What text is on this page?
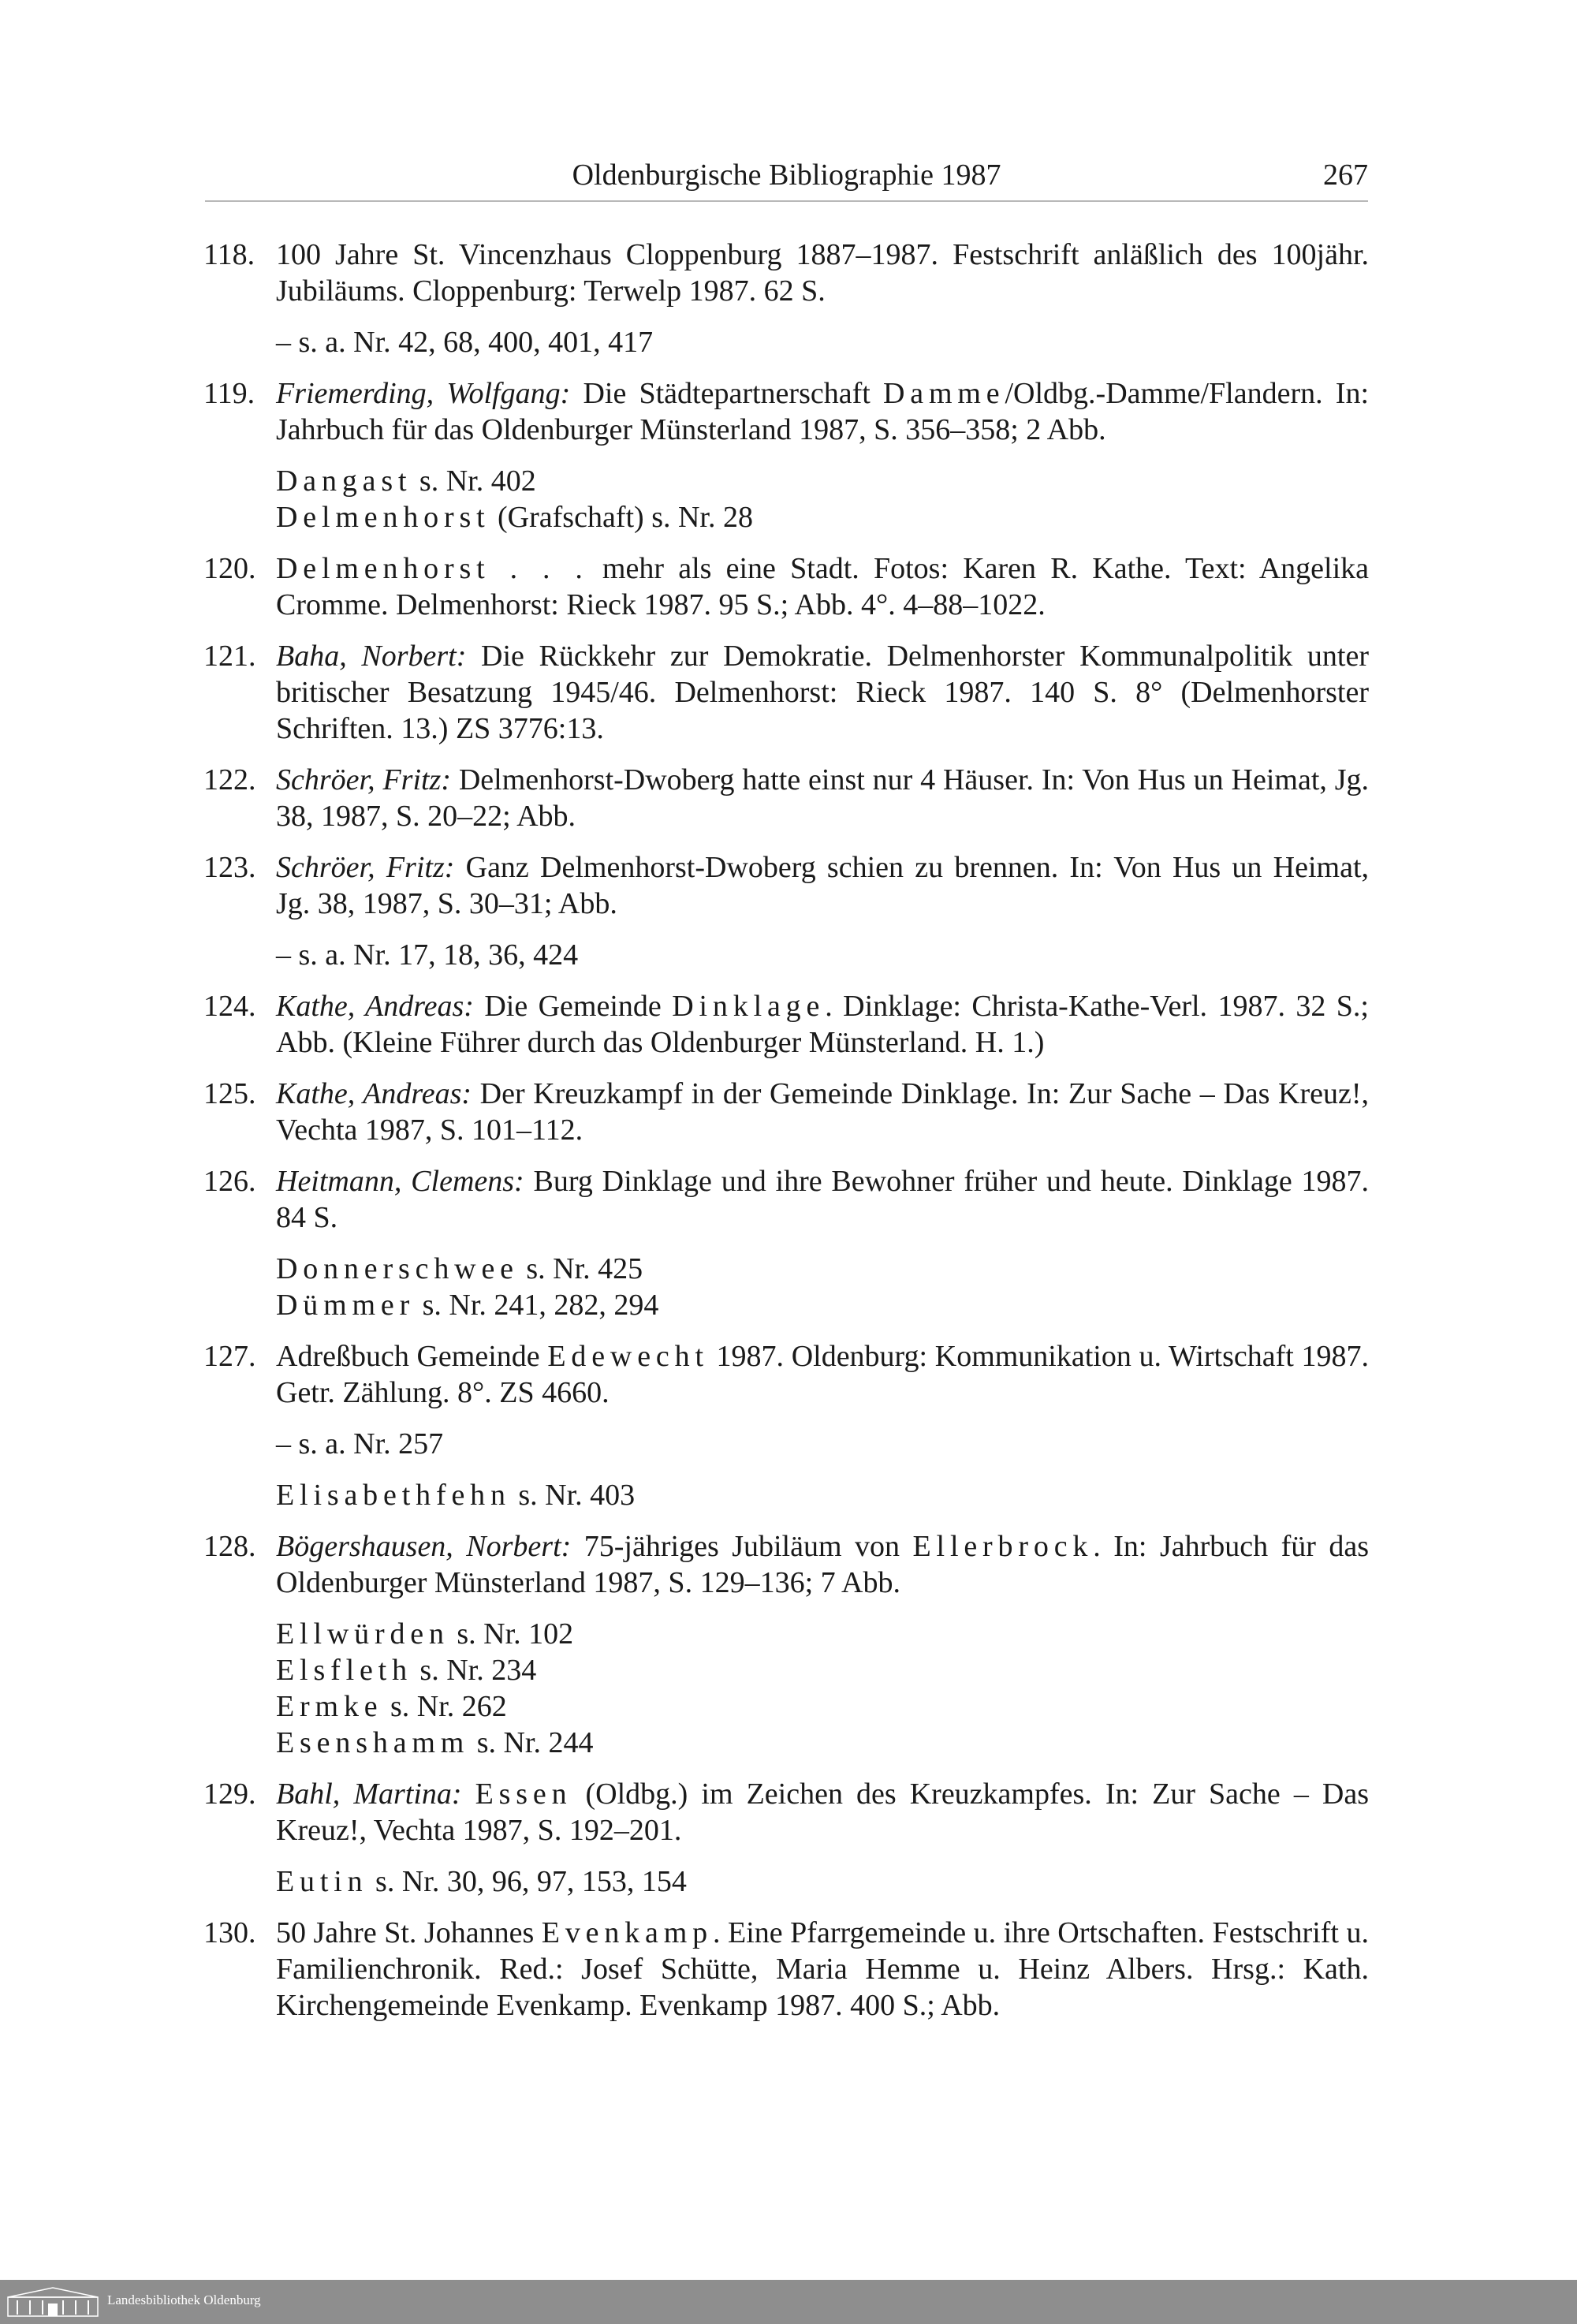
Oldenburgische Bibliographie 1987	267
118. 100 Jahre St. Vincenzhaus Cloppenburg 1887–1987. Festschrift anläßlich des 100jähr. Jubiläums. Cloppenburg: Terwelp 1987. 62 S.
– s. a. Nr. 42, 68, 400, 401, 417
119. Friemerding, Wolfgang: Die Städtepartnerschaft Damme/Oldbg.-Damme/Flandern. In: Jahrbuch für das Oldenburger Münsterland 1987, S. 356–358; 2 Abb.
Dangast s. Nr. 402
Delmenhorst (Grafschaft) s. Nr. 28
120. Delmenhorst . . . mehr als eine Stadt. Fotos: Karen R. Kathe. Text: Angelika Cromme. Delmenhorst: Rieck 1987. 95 S.; Abb. 4°. 4–88–1022.
121. Baha, Norbert: Die Rückkehr zur Demokratie. Delmenhorster Kommunalpolitik unter britischer Besatzung 1945/46. Delmenhorst: Rieck 1987. 140 S. 8° (Delmenhorster Schriften. 13.) ZS 3776:13.
122. Schröer, Fritz: Delmenhorst-Dwoberg hatte einst nur 4 Häuser. In: Von Hus un Heimat, Jg. 38, 1987, S. 20–22; Abb.
123. Schröer, Fritz: Ganz Delmenhorst-Dwoberg schien zu brennen. In: Von Hus un Heimat, Jg. 38, 1987, S. 30–31; Abb.
– s. a. Nr. 17, 18, 36, 424
124. Kathe, Andreas: Die Gemeinde Dinklage. Dinklage: Christa-Kathe-Verl. 1987. 32 S.; Abb. (Kleine Führer durch das Oldenburger Münsterland. H. 1.)
125. Kathe, Andreas: Der Kreuzkampf in der Gemeinde Dinklage. In: Zur Sache – Das Kreuz!, Vechta 1987, S. 101–112.
126. Heitmann, Clemens: Burg Dinklage und ihre Bewohner früher und heute. Dinklage 1987. 84 S.
Donnerschwee s. Nr. 425
Dümmer s. Nr. 241, 282, 294
127. Adreßbuch Gemeinde Edewecht 1987. Oldenburg: Kommunikation u. Wirtschaft 1987. Getr. Zählung. 8°. ZS 4660.
– s. a. Nr. 257
Elisabethfehn s. Nr. 403
128. Bögershausen, Norbert: 75-jähriges Jubiläum von Ellerbrock. In: Jahrbuch für das Oldenburger Münsterland 1987, S. 129–136; 7 Abb.
Ellwürden s. Nr. 102
Elsfleth s. Nr. 234
Ermke s. Nr. 262
Esenshamm s. Nr. 244
129. Bahl, Martina: Essen (Oldbg.) im Zeichen des Kreuzkampfes. In: Zur Sache – Das Kreuz!, Vechta 1987, S. 192–201.
Eutin s. Nr. 30, 96, 97, 153, 154
130. 50 Jahre St. Johannes Evenkamp. Eine Pfarrgemeinde u. ihre Ortschaften. Festschrift u. Familienchronik. Red.: Josef Schütte, Maria Hemme u. Heinz Albers. Hrsg.: Kath. Kirchengemeinde Evenkamp. Evenkamp 1987. 400 S.; Abb.
Landesbibliothek Oldenburg
